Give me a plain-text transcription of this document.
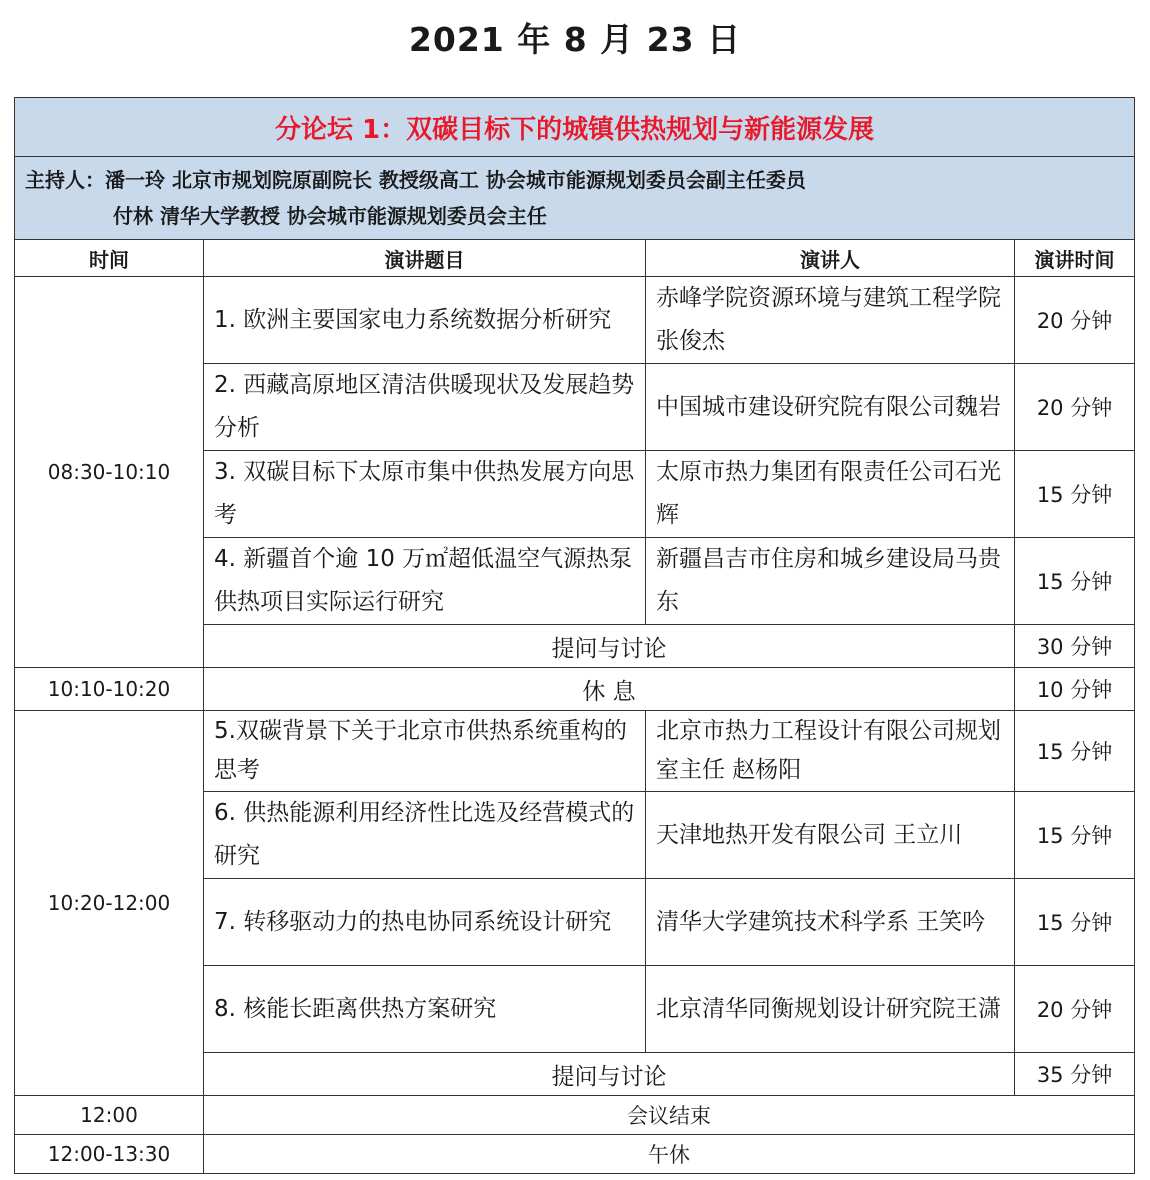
2021 年 8 月 23 日
分论坛 1：双碳目标下的城镇供热规划与新能源发展			

主持人：潘一玲 北京市规划院原副院长 教授级高工 协会城市能源规划委员会副主任委员
付林 清华大学教授 协会城市能源规划委员会主任			

时间	演讲题目	演讲人	演讲时间
08:30-10:10	1. 欧洲主要国家电力系统数据分析研究	赤峰学院资源环境与建筑工程学院 张俊杰	20 分钟
	2. 西藏高原地区清洁供暖现状及发展趋势分析	中国城市建设研究院有限公司魏岩	20 分钟
	3. 双碳目标下太原市集中供热发展方向思考	太原市热力集团有限责任公司石光辉	15 分钟
	4. 新疆首个逾 10 万㎡超低温空气源热泵供热项目实际运行研究	新疆昌吉市住房和城乡建设局马贵东	15 分钟
	提问与讨论		30 分钟
10:10-10:20	休 息		10 分钟
10:20-12:00	5.双碳背景下关于北京市供热系统重构的思考	北京市热力工程设计有限公司规划室主任 赵杨阳	15 分钟
	6. 供热能源利用经济性比选及经营模式的研究	天津地热开发有限公司 王立川	15 分钟
	7. 转移驱动力的热电协同系统设计研究	清华大学建筑技术科学系 王笑吟	15 分钟
	8. 核能长距离供热方案研究	北京清华同衡规划设计研究院王潇	20 分钟
	提问与讨论		35 分钟
12:00	会议结束		
12:00-13:30	午休		
